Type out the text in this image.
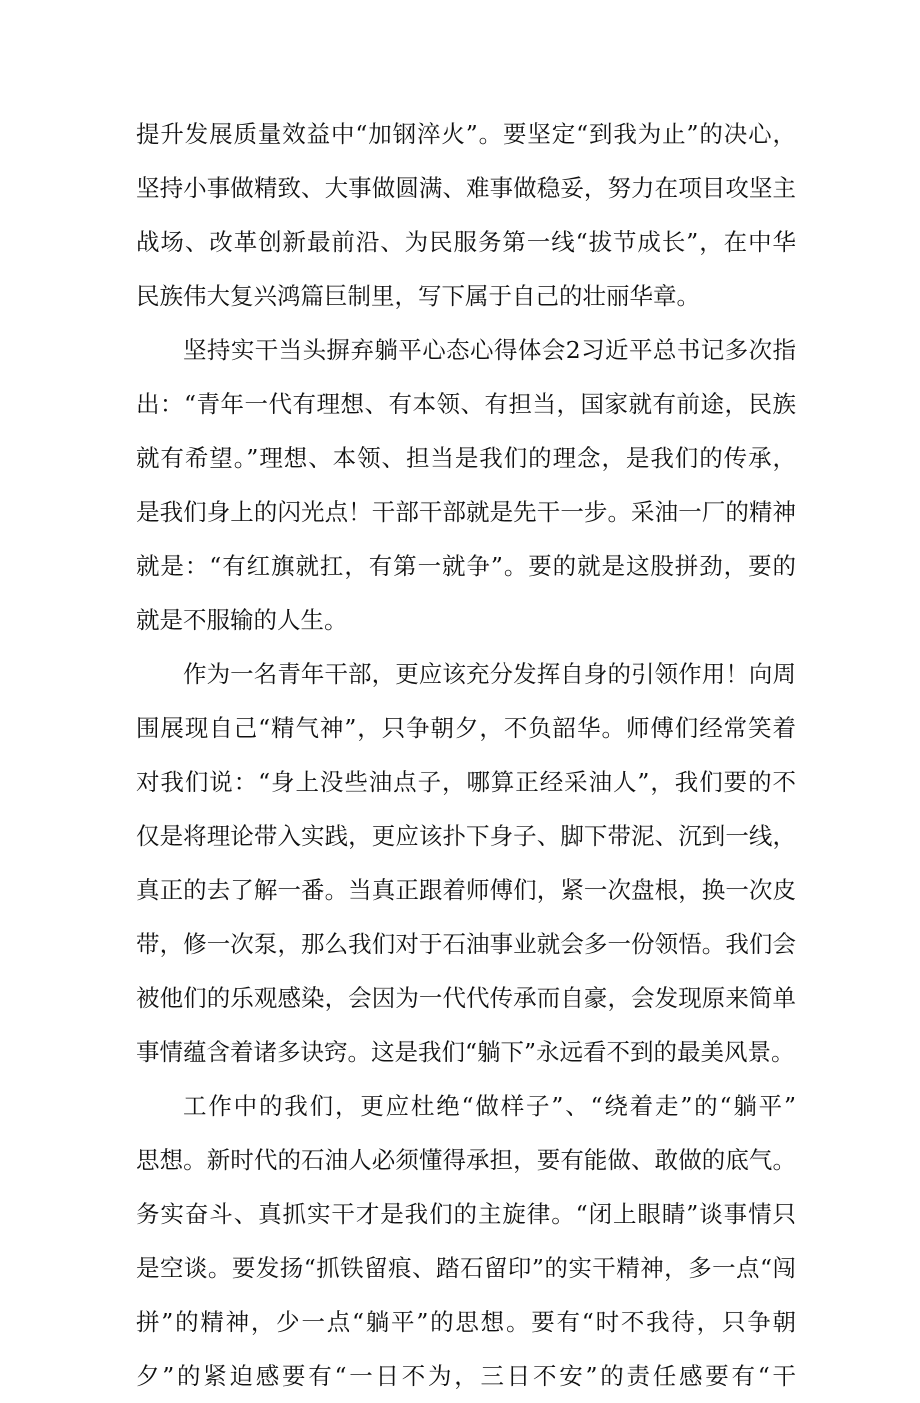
提升发展质量效益中“加钢淬火”。要坚定“到我为止”的决心，
坚持小事做精致、大事做圆满、难事做稳妥，努力在项目攻坚主
战场、改革创新最前沿、为民服务第一线“拔节成长”，在中华
民族伟大复兴鸿篇巨制里，写下属于自己的壮丽华章。
坚持实干当头摒弃躺平心态心得体会2习近平总书记多次指
出：“青年一代有理想、有本领、有担当，国家就有前途，民族
就有希望。”理想、本领、担当是我们的理念，是我们的传承，
是我们身上的闪光点！干部干部就是先干一步。采油一厂的精神
就是：“有红旗就扛，有第一就争”。要的就是这股拼劲，要的
就是不服输的人生。
作为一名青年干部，更应该充分发挥自身的引领作用！向周
围展现自己“精气神”，只争朝夕，不负韶华。师傅们经常笑着
对我们说：“身上没些油点子，哪算正经采油人”，我们要的不
仅是将理论带入实践，更应该扑下身子、脚下带泥、沉到一线，
真正的去了解一番。当真正跟着师傅们，紧一次盘根，换一次皮
带，修一次泵，那么我们对于石油事业就会多一份领悟。我们会
被他们的乐观感染，会因为一代代传承而自豪，会发现原来简单
事情蕴含着诸多诀窍。这是我们“躺下”永远看不到的最美风景。
工作中的我们，更应杜绝“做样子”、“绕着走”的“躺平”
思想。新时代的石油人必须懂得承担，要有能做、敢做的底气。
务实奋斗、真抓实干才是我们的主旋律。“闭上眼睛”谈事情只
是空谈。要发扬“抓铁留痕、踏石留印”的实干精神，多一点“闯
拼”的精神，少一点“躺平”的思想。要有“时不我待，只争朝
夕”的紧迫感要有“一日不为，三日不安”的责任感要有“干
